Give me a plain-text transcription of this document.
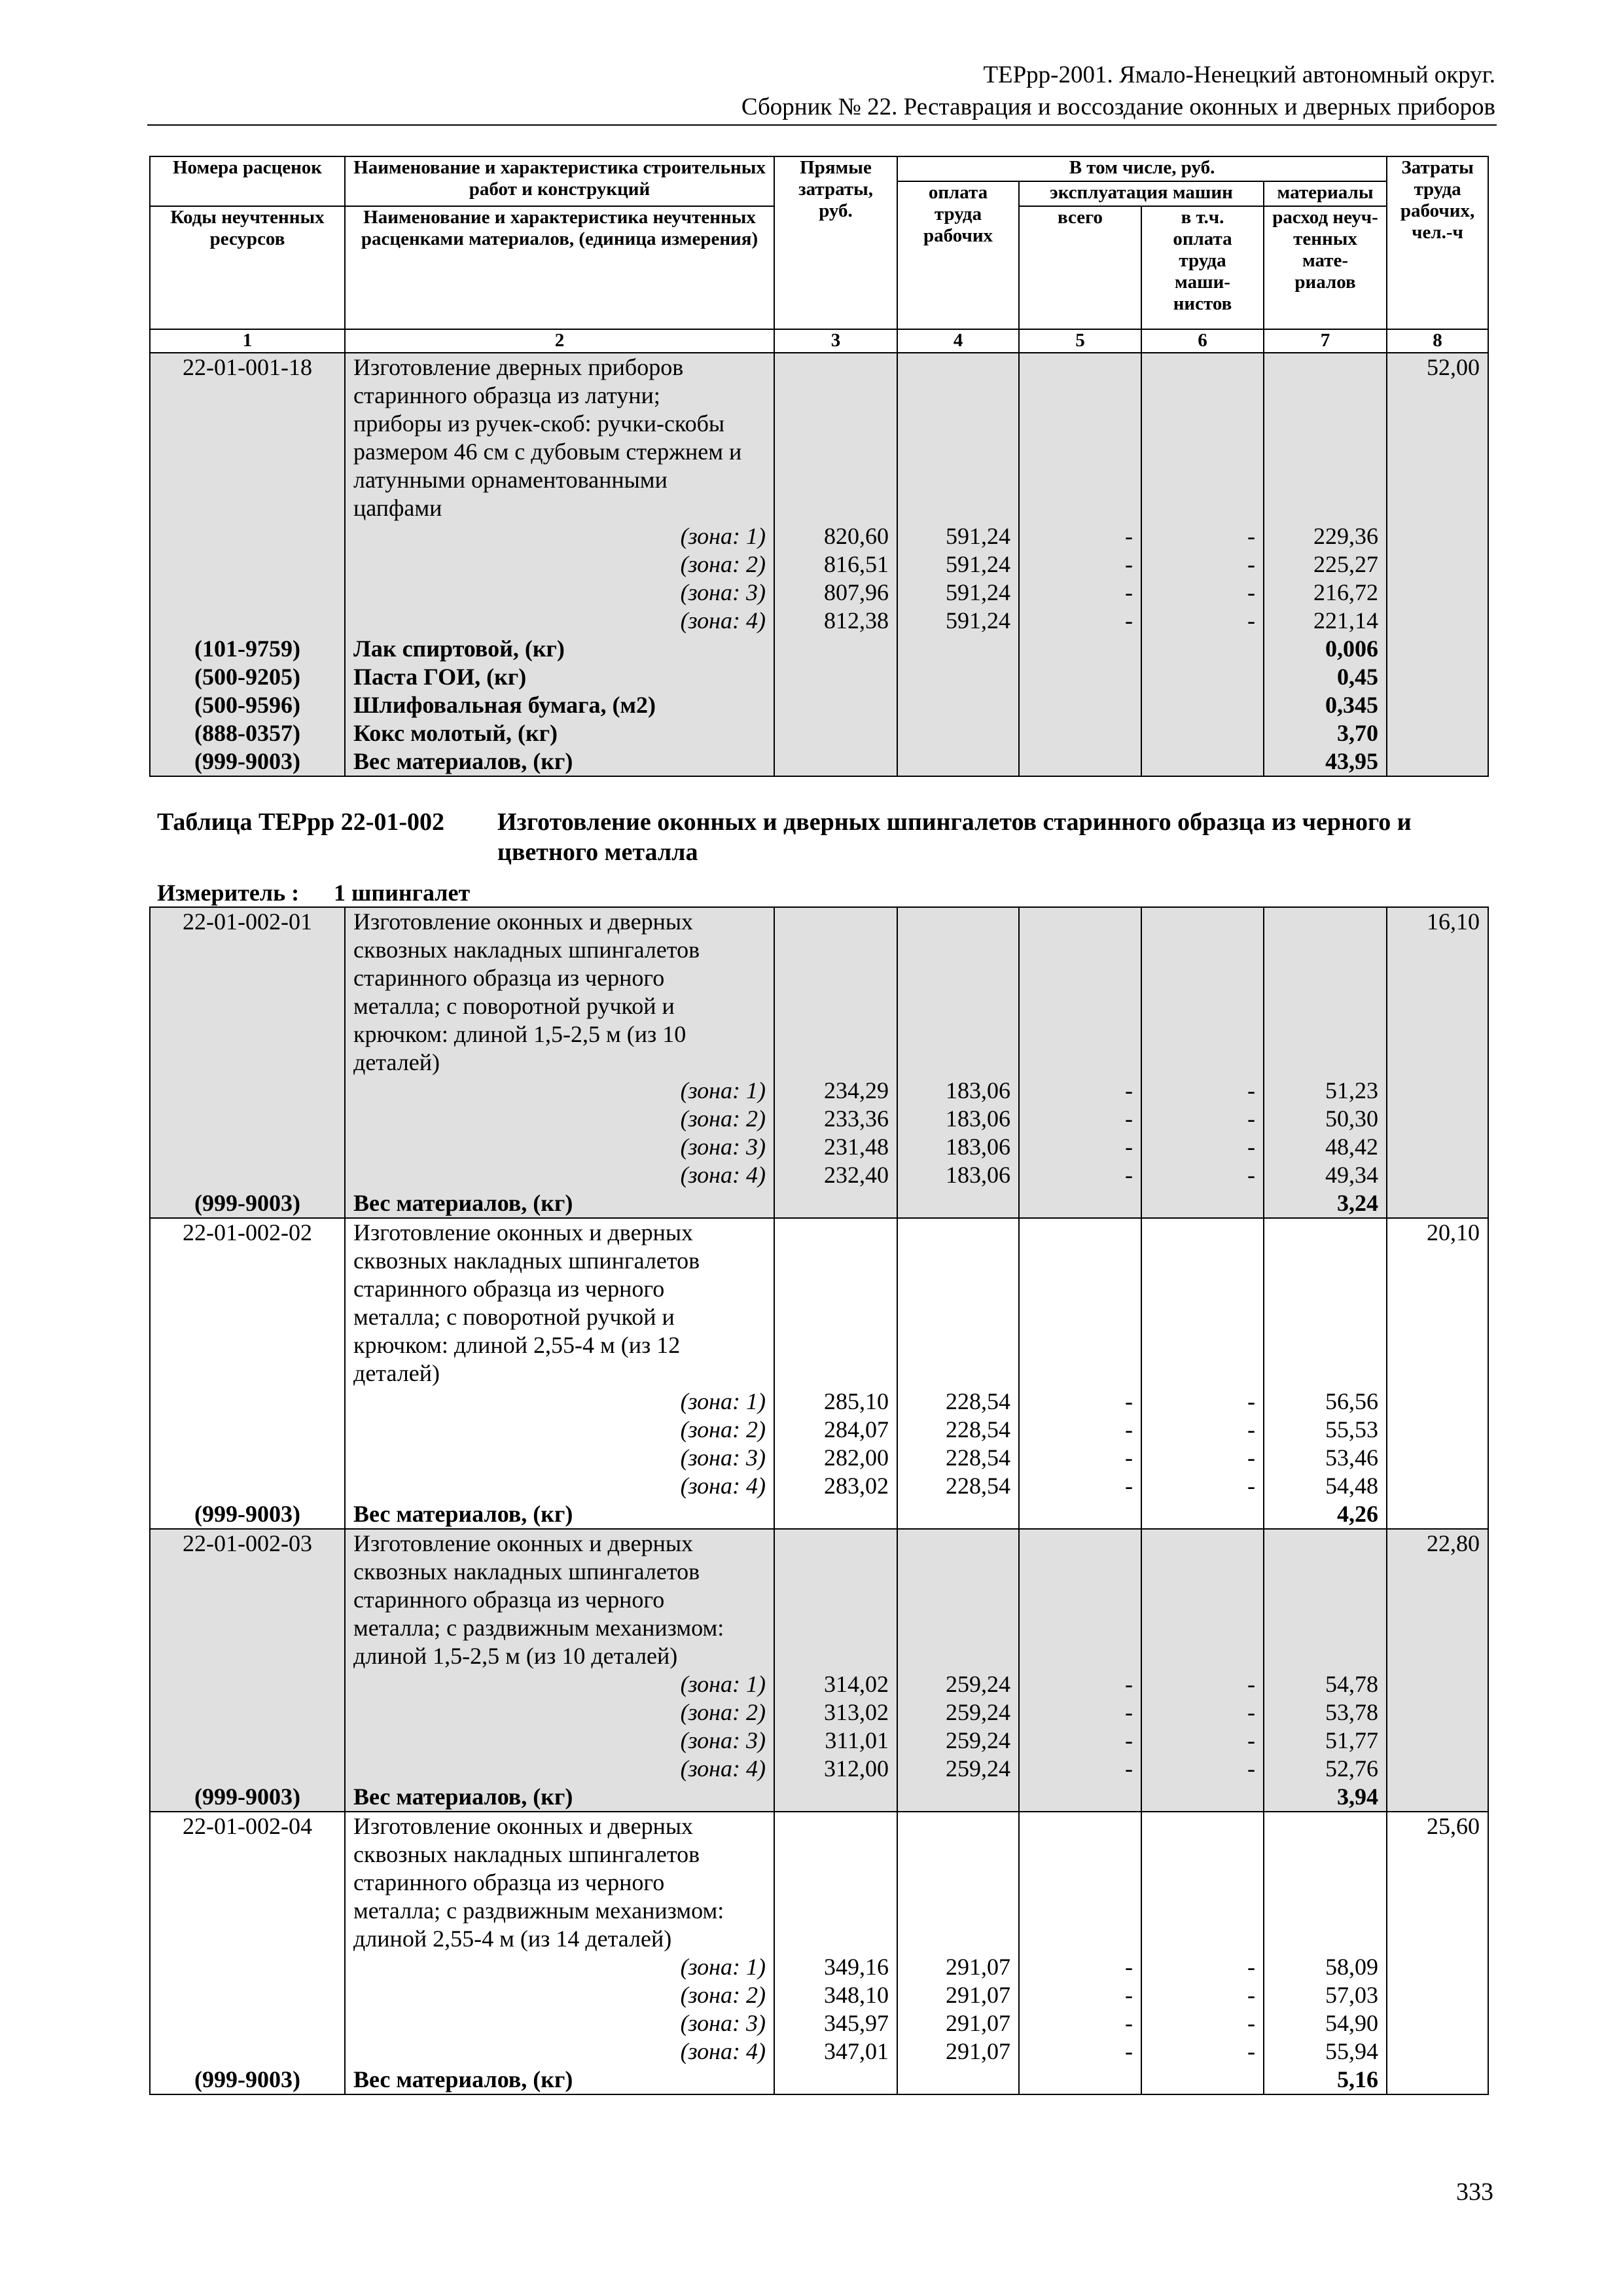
ТЕРрр-2001. Ямало-Ненецкий автономный округ.
Сборник № 22. Реставрация и воссоздание оконных и дверных приборов
Номера расценок	Наименование и характеристика строительных работ и конструкций	Прямые затраты, руб.	В том числе, руб.				Затраты труда рабочих, чел.-ч
			оплата труда рабочих	эксплуатация машин		материалы	
Коды неучтенных ресурсов	Наименование и характеристика неучтенных расценками материалов, (единица измерения)			всего	в т.ч. оплата труда маши-нистов	расход неуч-тенных мате-риалов	

1	2	3	4	5	6	7	8
22-01-001-18	Изготовление дверных приборов						52,00
	старинного образца из латуни;						
	приборы из ручек-скоб: ручки-скобы						
	размером 46 см с дубовым стержнем и						
	латунными орнаментованными						
	цапфами						
	(зона: 1)	820,60	591,24	-	-	229,36	
	(зона: 2)	816,51	591,24	-	-	225,27	
	(зона: 3)	807,96	591,24	-	-	216,72	
	(зона: 4)	812,38	591,24	-	-	221,14	
(101-9759)	Лак спиртовой, (кг)					0,006	
(500-9205)	Паста ГОИ, (кг)					0,45	
(500-9596)	Шлифовальная бумага, (м2)					0,345	
(888-0357)	Кокс молотый, (кг)					3,70	
(999-9003)	Вес материалов, (кг)					43,95	
Таблица ТЕРрр 22-01-002 Изготовление оконных и дверных шпингалетов старинного образца из черного и цветного металла
Измеритель : 1 шпингалет
22-01-002-01	Изготовление оконных и дверных						16,10
	сквозных накладных шпингалетов						
	старинного образца из черного						
	металла; с поворотной ручкой и						
	крючком: длиной 1,5-2,5 м (из 10						
	деталей)						
	(зона: 1)	234,29	183,06	-	-	51,23	
	(зона: 2)	233,36	183,06	-	-	50,30	
	(зона: 3)	231,48	183,06	-	-	48,42	
	(зона: 4)	232,40	183,06	-	-	49,34	
(999-9003)	Вес материалов, (кг)					3,24	
22-01-002-02	Изготовление оконных и дверных						20,10
	сквозных накладных шпингалетов						
	старинного образца из черного						
	металла; с поворотной ручкой и						
	крючком: длиной 2,55-4 м (из 12						
	деталей)						
	(зона: 1)	285,10	228,54	-	-	56,56	
	(зона: 2)	284,07	228,54	-	-	55,53	
	(зона: 3)	282,00	228,54	-	-	53,46	
	(зона: 4)	283,02	228,54	-	-	54,48	
(999-9003)	Вес материалов, (кг)					4,26	
22-01-002-03	Изготовление оконных и дверных						22,80
	сквозных накладных шпингалетов						
	старинного образца из черного						
	металла; с раздвижным механизмом:						
	длиной 1,5-2,5 м (из 10 деталей)						
	(зона: 1)	314,02	259,24	-	-	54,78	
	(зона: 2)	313,02	259,24	-	-	53,78	
	(зона: 3)	311,01	259,24	-	-	51,77	
	(зона: 4)	312,00	259,24	-	-	52,76	
(999-9003)	Вес материалов, (кг)					3,94	
22-01-002-04	Изготовление оконных и дверных						25,60
	сквозных накладных шпингалетов						
	старинного образца из черного						
	металла; с раздвижным механизмом:						
	длиной 2,55-4 м (из 14 деталей)						
	(зона: 1)	349,16	291,07	-	-	58,09	
	(зона: 2)	348,10	291,07	-	-	57,03	
	(зона: 3)	345,97	291,07	-	-	54,90	
	(зона: 4)	347,01	291,07	-	-	55,94	
(999-9003)	Вес материалов, (кг)					5,16	
333
